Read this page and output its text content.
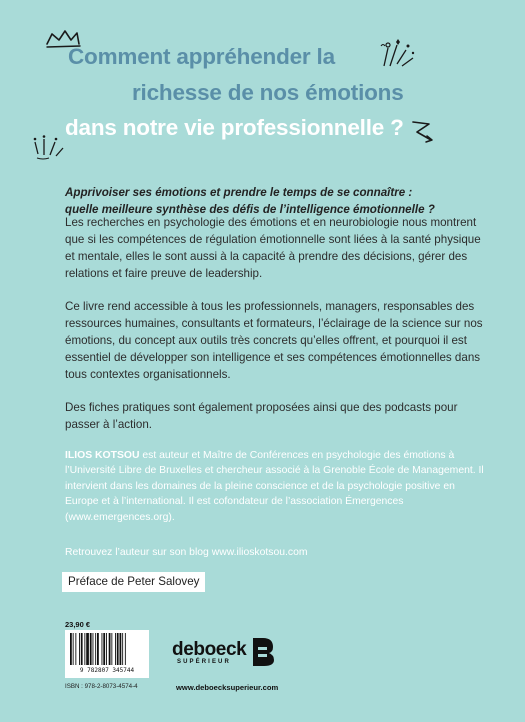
Comment appréhender la
richesse de nos émotions
dans notre vie professionnelle ?
Apprivoiser ses émotions et prendre le temps de se connaître :
quelle meilleure synthèse des défis de l’intelligence émotionnelle ?
Les recherches en psychologie des émotions et en neurobiologie nous montrent que si les compétences de régulation émotionnelle sont liées à la santé physique et mentale, elles le sont aussi à la capacité à prendre des décisions, gérer des relations et faire preuve de leadership.
Ce livre rend accessible à tous les professionnels, managers, responsables des ressources humaines, consultants et formateurs, l’éclairage de la science sur nos émotions, du concept aux outils très concrets qu’elles offrent, et pourquoi il est essentiel de développer son intelligence et ses compétences émotionnelles dans tous contextes organisationnels.
Des fiches pratiques sont également proposées ainsi que des podcasts pour passer à l’action.
ILIOS KOTSOU est auteur et Maître de Conférences en psychologie des émotions à l’Université Libre de Bruxelles et chercheur associé à la Grenoble École de Management. Il intervient dans les domaines de la pleine conscience et de la psychologie positive en Europe et à l’international. Il est cofondateur de l’association Émergences (www.emergences.org).
Retrouvez l’auteur sur son blog www.ilioskotsou.com
Préface de Peter Salovey
23,90 €
9 782807 345744
ISBN : 978-2-8073-4574-4
deboeck
SUPÉRIEUR
www.deboecksuperieur.com
